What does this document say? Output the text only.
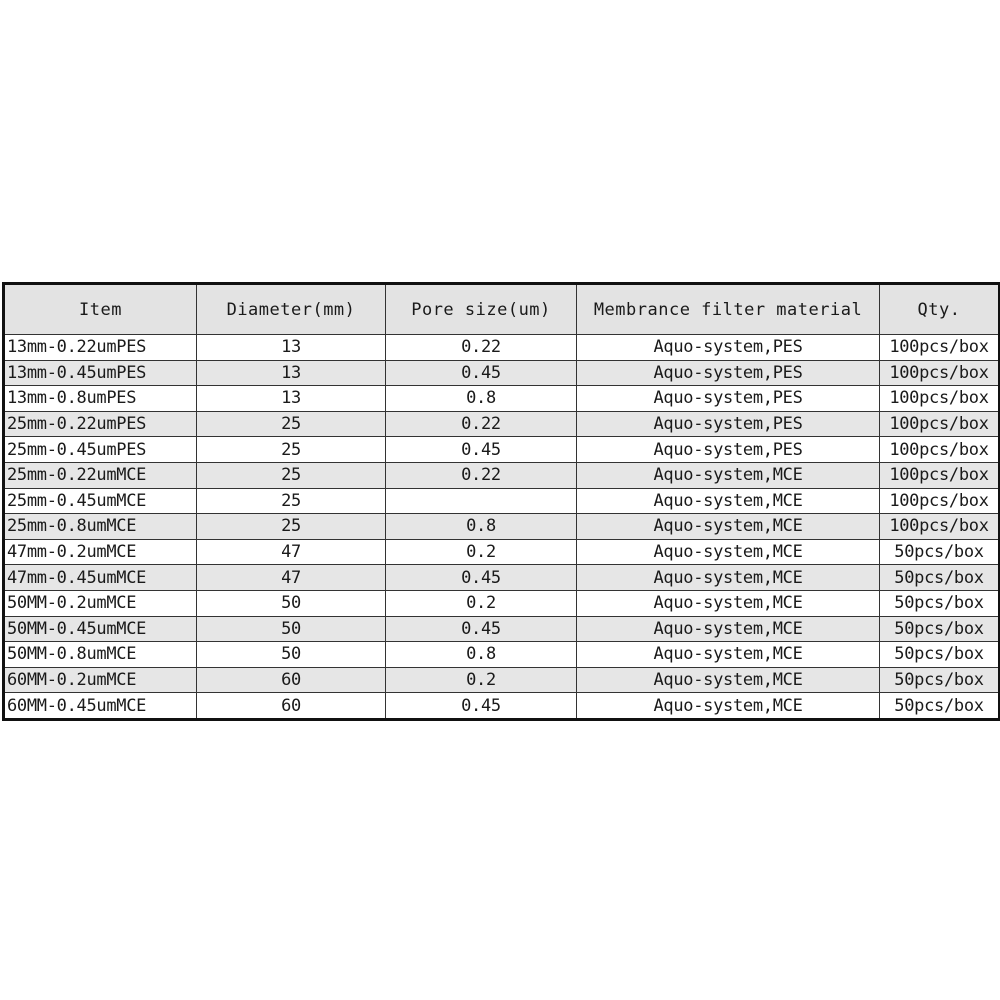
Item	Diameter(mm)	Pore size(um)	Membrance filter material	Qty.
13mm-0.22umPES	13	0.22	Aquo-system,PES	100pcs/box
13mm-0.45umPES	13	0.45	Aquo-system,PES	100pcs/box
13mm-0.8umPES	13	0.8	Aquo-system,PES	100pcs/box
25mm-0.22umPES	25	0.22	Aquo-system,PES	100pcs/box
25mm-0.45umPES	25	0.45	Aquo-system,PES	100pcs/box
25mm-0.22umMCE	25	0.22	Aquo-system,MCE	100pcs/box
25mm-0.45umMCE	25		Aquo-system,MCE	100pcs/box
25mm-0.8umMCE	25	0.8	Aquo-system,MCE	100pcs/box
47mm-0.2umMCE	47	0.2	Aquo-system,MCE	50pcs/box
47mm-0.45umMCE	47	0.45	Aquo-system,MCE	50pcs/box
50MM-0.2umMCE	50	0.2	Aquo-system,MCE	50pcs/box
50MM-0.45umMCE	50	0.45	Aquo-system,MCE	50pcs/box
50MM-0.8umMCE	50	0.8	Aquo-system,MCE	50pcs/box
60MM-0.2umMCE	60	0.2	Aquo-system,MCE	50pcs/box
60MM-0.45umMCE	60	0.45	Aquo-system,MCE	50pcs/box
